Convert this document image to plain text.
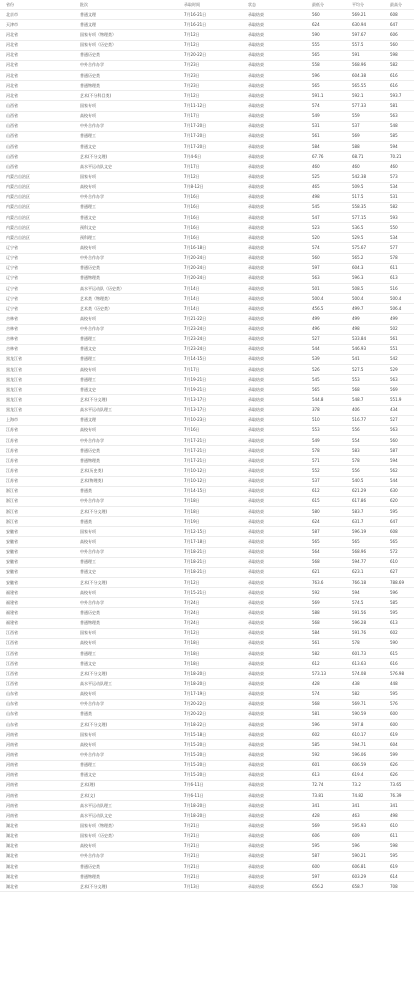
省份	批次	录取时间	状态	最低分	平均分	最高分
北京市	普通文理	7月16-21日	录取结束	560	569.21	608
天津市	普通文理	7月16-21日	录取结束	624	630.94	647
河北省	国家专项（物理类）	7月12日	录取结束	590	597.67	606
河北省	国家专项（历史类）	7月12日	录取结束	555	557.5	560
河北省	普通历史类	7月20-22日	录取结束	565	591	598
河北省	中外合作办学	7月23日	录取结束	558	568.96	582
河北省	普通历史类	7月23日	录取结束	596	604.38	616
河北省	普通物理类	7月23日	录取结束	565	565.55	616
河北省	艺术(不分科目类)	7月12日	录取结束	591.1	592.1	593.7
山西省	国家专项	7月11-12日	录取结束	574	577.33	581
山西省	高校专项	7月17日	录取结束	549	559	563
山西省	中外合作办学	7月17-20日	录取结束	531	537	548
山西省	普通理工	7月17-20日	录取结束	561	569	585
山西省	普通文史	7月17-20日	录取结束	584	588	594
山西省	艺术(不分文理)	7月4-6日	录取结束	67.76	68.71	70.21
山西省	高水平运动队文史	7月17日	录取结束	460	460	460
内蒙古自治区	国家专项	7月12日	录取结束	525	542.38	573
内蒙古自治区	高校专项	7月8-12日	录取结束	465	509.5	534
内蒙古自治区	中外合作办学	7月16日	录取结束	498	517.5	531
内蒙古自治区	普通理工	7月16日	录取结束	545	558.35	582
内蒙古自治区	普通文史	7月16日	录取结束	547	577.15	593
内蒙古自治区	预科文史	7月16日	录取结束	523	536.5	550
内蒙古自治区	预科理工	7月16日	录取结束	520	529.5	534
辽宁省	高校专项	7月16-18日	录取结束	574	575.67	577
辽宁省	中外合作办学	7月20-24日	录取结束	560	565.2	578
辽宁省	普通历史类	7月20-24日	录取结束	597	604.3	611
辽宁省	普通物理类	7月20-24日	录取结束	563	596.3	613
辽宁省	高水平运动队（历史类）	7月14日	录取结束	501	508.5	516
辽宁省	艺术类（物理类）	7月14日	录取结束	500.4	500.4	500.4
辽宁省	艺术类（历史类）	7月14日	录取结束	456.5	499.7	506.4
吉林省	高校专项	7月21-22日	录取结束	499	499	499
吉林省	中外合作办学	7月23-24日	录取结束	496	498	502
吉林省	普通理工	7月23-24日	录取结束	527	533.84	561
吉林省	普通文史	7月23-24日	录取结束	544	546.93	551
黑龙江省	普通理工	7月14-15日	录取结束	539	541	542
黑龙江省	高校专项	7月17日	录取结束	526	527.5	529
黑龙江省	普通理工	7月19-21日	录取结束	545	553	563
黑龙江省	普通文史	7月19-21日	录取结束	565	568	569
黑龙江省	艺术(不分文理)	7月13-17日	录取结束	544.8	548.7	551.9
黑龙江省	高水平运动队理工	7月13-17日	录取结束	378	406	434
上海市	普通文理	7月10-23日	录取结束	510	516.77	527
江苏省	高校专项	7月16日	录取结束	553	556	563
江苏省	中外合作办学	7月17-21日	录取结束	549	554	560
江苏省	普通历史类	7月17-21日	录取结束	578	583	587
江苏省	普通物理类	7月17-21日	录取结束	571	578	594
江苏省	艺术(历史类)	7月10-12日	录取结束	552	556	562
江苏省	艺术(物理类)	7月10-12日	录取结束	537	540.5	544
浙江省	普通类	7月14-15日	录取结束	612	621.29	630
浙江省	中外合作办学	7月18日	录取结束	615	617.86	620
浙江省	艺术(不分文理)	7月18日	录取结束	580	583.7	595
浙江省	普通类	7月19日	录取结束	624	631.7	647
安徽省	国家专项	7月12-15日	录取结束	587	596.19	608
安徽省	高校专项	7月17-18日	录取结束	565	565	565
安徽省	中外合作办学	7月18-21日	录取结束	564	568.96	572
安徽省	普通理工	7月18-21日	录取结束	568	594.77	610
安徽省	普通文史	7月18-21日	录取结束	621	623.1	627
安徽省	艺术(不分文理)	7月12日	录取结束	763.6	766.18	788.69
福建省	高校专项	7月15-21日	录取结束	592	594	596
福建省	中外合作办学	7月24日	录取结束	569	574.5	585
福建省	普通历史类	7月24日	录取结束	588	591.56	595
福建省	普通物理类	7月24日	录取结束	568	596.28	613
江西省	国家专项	7月12日	录取结束	584	591.76	602
江西省	高校专项	7月18日	录取结束	561	578	590
江西省	普通理工	7月18日	录取结束	582	601.73	615
江西省	普通文史	7月18日	录取结束	612	613.63	616
江西省	艺术(不分文理)	7月18-20日	录取结束	573.13	574.08	576.98
江西省	高水平运动队理工	7月18-20日	录取结束	428	438	448
山东省	高校专项	7月17-19日	录取结束	574	582	595
山东省	中外合作办学	7月20-22日	录取结束	568	569.71	576
山东省	普通类	7月20-22日	录取结束	581	590.59	600
山东省	艺术(不分文理)	7月18-22日	录取结束	596	597.8	600
河南省	国家专项	7月15-18日	录取结束	602	610.17	619
河南省	高校专项	7月15-20日	录取结束	585	594.71	604
河南省	中外合作办学	7月15-20日	录取结束	592	596.06	599
河南省	普通理工	7月15-20日	录取结束	601	606.59	626
河南省	普通文史	7月15-20日	录取结束	613	619.4	626
河南省	艺术(理)	7月6-11日	录取结束	72.74	73.2	73.65
河南省	艺术(文)	7月6-11日	录取结束	73.81	74.82	76.39
河南省	高水平运动队理工	7月18-20日	录取结束	341	341	341
河南省	高水平运动队文史	7月18-20日	录取结束	428	463	498
湖北省	国家专项（物理类）	7月21日	录取结束	569	595.93	610
湖北省	国家专项（历史类）	7月21日	录取结束	606	609	611
湖北省	高校专项	7月21日	录取结束	595	596	598
湖北省	中外合作办学	7月21日	录取结束	587	590.21	595
湖北省	普通历史类	7月21日	录取结束	600	606.81	619
湖北省	普通物理类	7月21日	录取结束	597	603.29	614
湖北省	艺术(不分文理)	7月13日	录取结束	656.2	658.7	708
